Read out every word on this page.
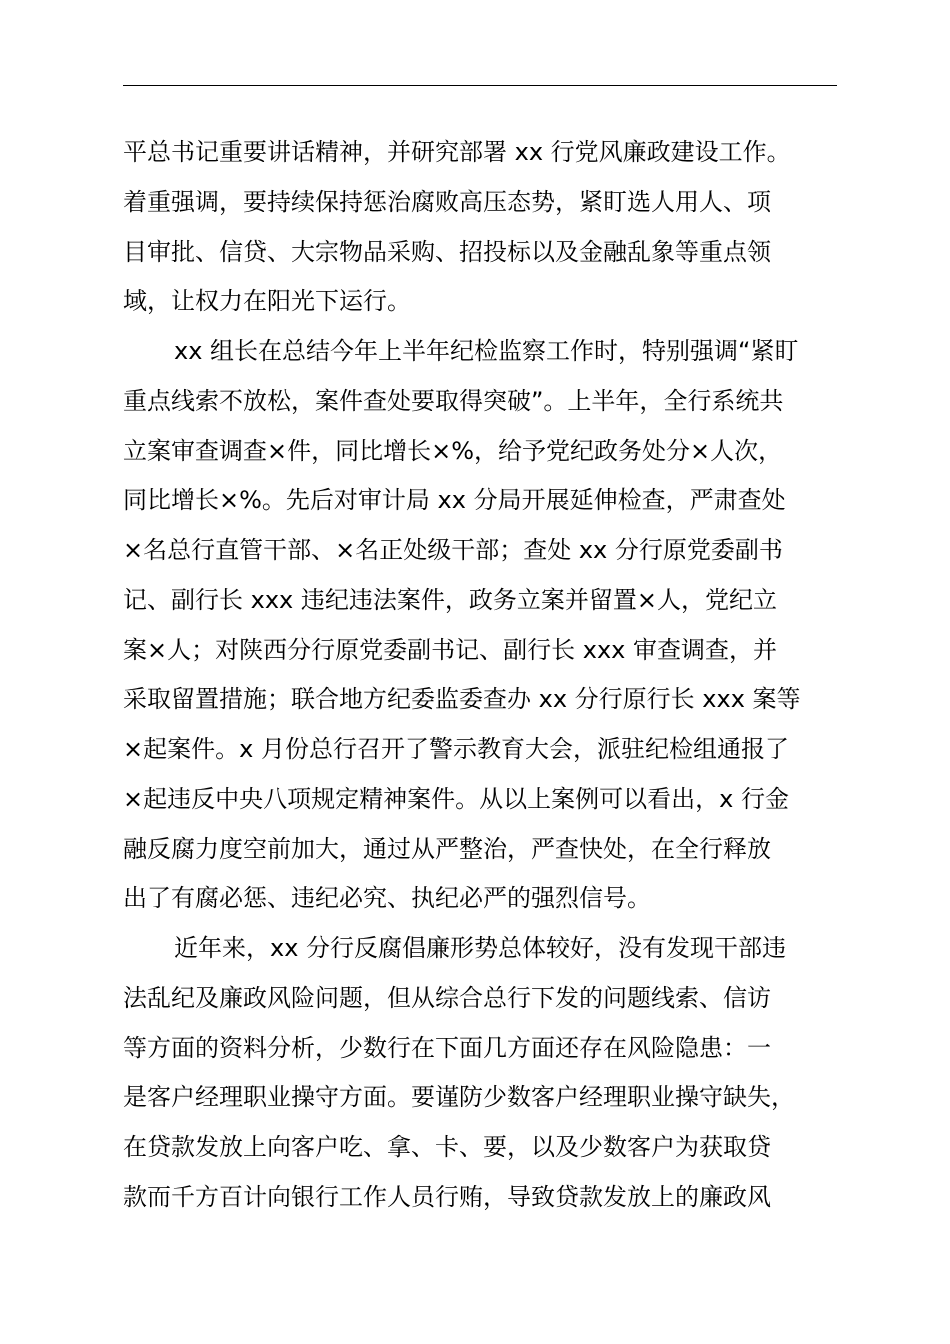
平总书记重要讲话精神，并研究部署 xx 行党风廉政建设工作。
着重强调，要持续保持惩治腐败高压态势，紧盯选人用人、项
目审批、信贷、大宗物品采购、招投标以及金融乱象等重点领
域，让权力在阳光下运行。
xx 组长在总结今年上半年纪检监察工作时，特别强调“紧盯
重点线索不放松，案件查处要取得突破”。上半年，全行系统共
立案审查调查×件，同比增长×%，给予党纪政务处分×人次，
同比增长×%。先后对审计局 xx 分局开展延伸检查，严肃查处
×名总行直管干部、×名正处级干部；查处 xx 分行原党委副书
记、副行长 xxx 违纪违法案件，政务立案并留置×人，党纪立
案×人；对陕西分行原党委副书记、副行长 xxx 审查调查，并
采取留置措施；联合地方纪委监委查办 xx 分行原行长 xxx 案等
×起案件。x 月份总行召开了警示教育大会，派驻纪检组通报了
×起违反中央八项规定精神案件。从以上案例可以看出，x 行金
融反腐力度空前加大，通过从严整治，严查快处，在全行释放
出了有腐必惩、违纪必究、执纪必严的强烈信号。
近年来，xx 分行反腐倡廉形势总体较好，没有发现干部违
法乱纪及廉政风险问题，但从综合总行下发的问题线索、信访
等方面的资料分析，少数行在下面几方面还存在风险隐患：一
是客户经理职业操守方面。要谨防少数客户经理职业操守缺失，
在贷款发放上向客户吃、拿、卡、要，以及少数客户为获取贷
款而千方百计向银行工作人员行贿，导致贷款发放上的廉政风
